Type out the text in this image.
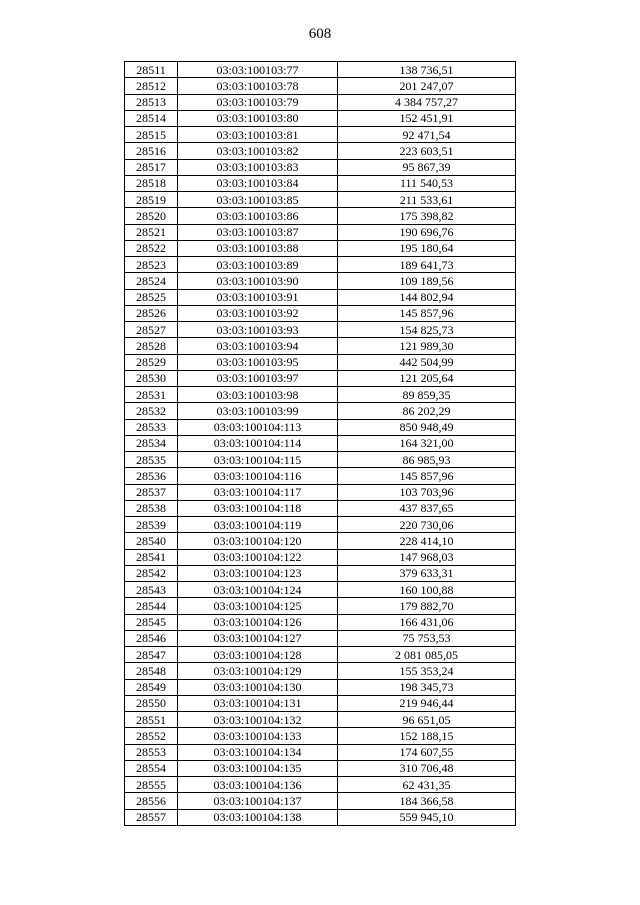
608
28511	03:03:100103:77	138 736,51
28512	03:03:100103:78	201 247,07
28513	03:03:100103:79	4 384 757,27
28514	03:03:100103:80	152 451,91
28515	03:03:100103:81	92 471,54
28516	03:03:100103:82	223 603,51
28517	03:03:100103:83	95 867,39
28518	03:03:100103:84	111 540,53
28519	03:03:100103:85	211 533,61
28520	03:03:100103:86	175 398,82
28521	03:03:100103:87	190 696,76
28522	03:03:100103:88	195 180,64
28523	03:03:100103:89	189 641,73
28524	03:03:100103:90	109 189,56
28525	03:03:100103:91	144 802,94
28526	03:03:100103:92	145 857,96
28527	03:03:100103:93	154 825,73
28528	03:03:100103:94	121 989,30
28529	03:03:100103:95	442 504,99
28530	03:03:100103:97	121 205,64
28531	03:03:100103:98	89 859,35
28532	03:03:100103:99	86 202,29
28533	03:03:100104:113	850 948,49
28534	03:03:100104:114	164 321,00
28535	03:03:100104:115	86 985,93
28536	03:03:100104:116	145 857,96
28537	03:03:100104:117	103 703,96
28538	03:03:100104:118	437 837,65
28539	03:03:100104:119	220 730,06
28540	03:03:100104:120	228 414,10
28541	03:03:100104:122	147 968,03
28542	03:03:100104:123	379 633,31
28543	03:03:100104:124	160 100,88
28544	03:03:100104:125	179 882,70
28545	03:03:100104:126	166 431,06
28546	03:03:100104:127	75 753,53
28547	03:03:100104:128	2 081 085,05
28548	03:03:100104:129	155 353,24
28549	03:03:100104:130	198 345,73
28550	03:03:100104:131	219 946,44
28551	03:03:100104:132	96 651,05
28552	03:03:100104:133	152 188,15
28553	03:03:100104:134	174 607,55
28554	03:03:100104:135	310 706,48
28555	03:03:100104:136	62 431,35
28556	03:03:100104:137	184 366,58
28557	03:03:100104:138	559 945,10
